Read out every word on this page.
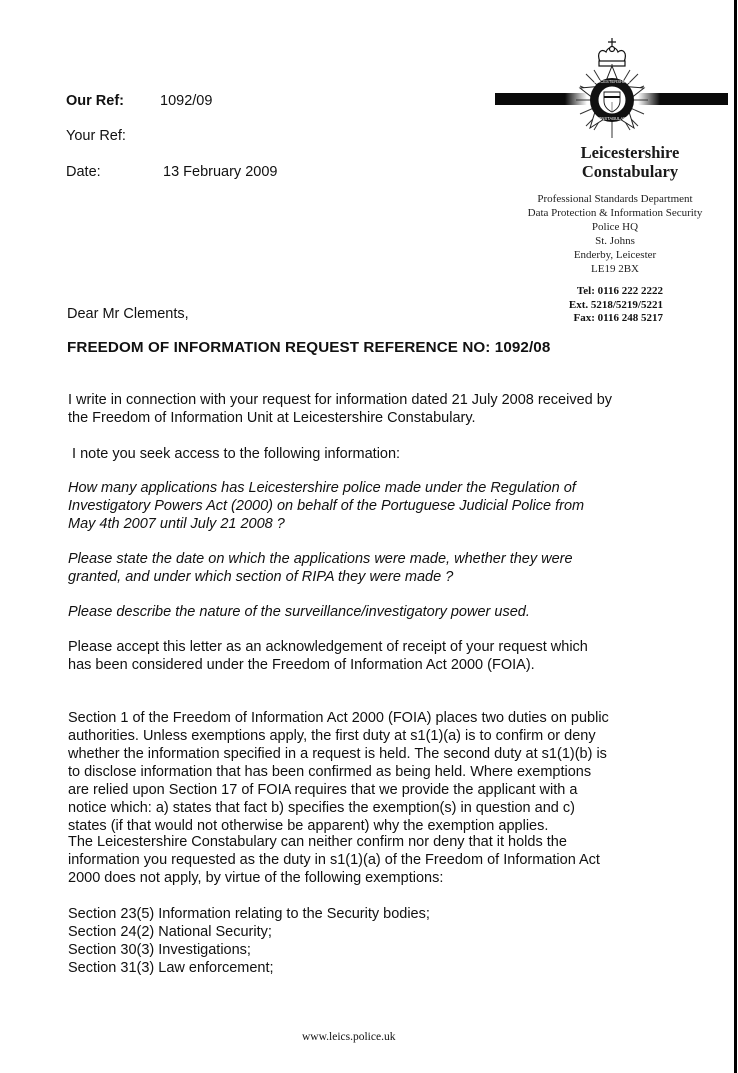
Our Ref: 1092/09
Your Ref:
Date:	13 February 2009
LEICESTERSHIRE
CONSTABULARY
Leicestershire
Constabulary
Professional Standards Department
Data Protection & Information Security
Police HQ
St. Johns
Enderby, Leicester
LE19 2BX
Tel: 0116 222 2222
Ext. 5218/5219/5221
Fax: 0116 248 5217
Dear Mr Clements,
FREEDOM OF INFORMATION REQUEST REFERENCE NO: 1092/08
I write in connection with your request for information dated 21 July 2008 received by
the Freedom of Information Unit at Leicestershire Constabulary.
I note you seek access to the following information:
How many applications has Leicestershire police made under the Regulation of
Investigatory Powers Act (2000) on behalf of the Portuguese Judicial Police from
May 4th 2007 until July 21 2008 ?
Please state the date on which the applications were made, whether they were
granted, and under which section of RIPA they were made ?
Please describe the nature of the surveillance/investigatory power used.
Please accept this letter as an acknowledgement of receipt of your request which
has been considered under the Freedom of Information Act 2000 (FOIA).
Section 1 of the Freedom of Information Act 2000 (FOIA) places two duties on public
authorities. Unless exemptions apply, the first duty at s1(1)(a) is to confirm or deny
whether the information specified in a request is held. The second duty at s1(1)(b) is
to disclose information that has been confirmed as being held. Where exemptions
are relied upon Section 17 of FOIA requires that we provide the applicant with a
notice which: a) states that fact b) specifies the exemption(s) in question and c)
states (if that would not otherwise be apparent) why the exemption applies.
The Leicestershire Constabulary can neither confirm nor deny that it holds the
information you requested as the duty in s1(1)(a) of the Freedom of Information Act
2000 does not apply, by virtue of the following exemptions:
Section 23(5) Information relating to the Security bodies;
Section 24(2) National Security;
Section 30(3) Investigations;
Section 31(3) Law enforcement;
www.leics.police.uk
